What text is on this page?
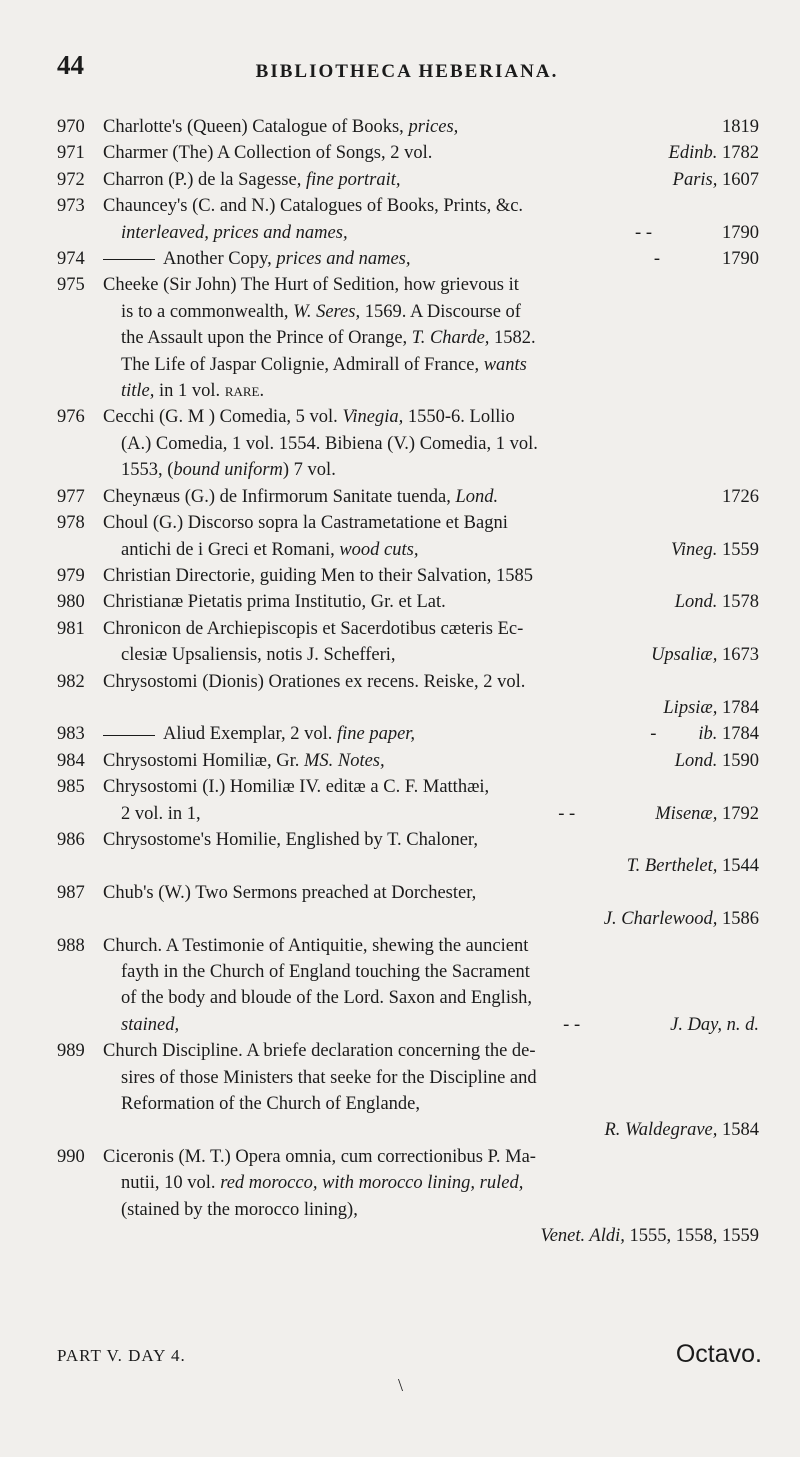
44	BIBLIOTHECA HEBERIANA.
970 Charlotte's (Queen) Catalogue of Books, prices,	1819
971 Charmer (The) A Collection of Songs, 2 vol.	Edinb. 1782
972 Charron (P.) de la Sagesse, fine portrait,	Paris, 1607
973 Chauncey's (C. and N.) Catalogues of Books, Prints, &c.
interleaved, prices and names,	- -	1790
974	Another Copy, prices and names,	-	1790
975 Cheeke (Sir John) The Hurt of Sedition, how grievous it
is to a commonwealth, W. Seres, 1569. A Discourse of
the Assault upon the Prince of Orange, T. Charde, 1582.
The Life of Jaspar Colignie, Admirall of France, wants
title, in 1 vol. rare.
976 Cecchi (G. M ) Comedia, 5 vol. Vinegia, 1550-6. Lollio
(A.) Comedia, 1 vol. 1554. Bibiena (V.) Comedia, 1 vol.
1553, (bound uniform) 7 vol.
977 Cheynæus (G.) de Infirmorum Sanitate tuenda, Lond.	1726
978 Choul (G.) Discorso sopra la Castrametatione et Bagni
antichi de i Greci et Romani, wood cuts,	Vineg. 1559
979 Christian Directorie, guiding Men to their Salvation, 1585
980 Christianæ Pietatis prima Institutio, Gr. et Lat.	Lond. 1578
981 Chronicon de Archiepiscopis et Sacerdotibus cæteris Ec-
clesiæ Upsaliensis, notis J. Schefferi,	Upsaliæ, 1673
982 Chrysostomi (Dionis) Orationes ex recens. Reiske, 2 vol.
Lipsiæ, 1784
983	Aliud Exemplar, 2 vol. fine paper,	- ib. 1784
984 Chrysostomi Homiliæ, Gr. MS. Notes,	Lond. 1590
985 Chrysostomi (I.) Homiliæ IV. editæ a C. F. Matthæi,
2 vol. in 1,	- -	Misenæ, 1792
986 Chrysostome's Homilie, Englished by T. Chaloner,
T. Berthelet, 1544
987 Chub's (W.) Two Sermons preached at Dorchester,
J. Charlewood, 1586
988 Church. A Testimonie of Antiquitie, shewing the auncient
fayth in the Church of England touching the Sacrament
of the body and bloude of the Lord. Saxon and English,
stained,	- -	J. Day, n. d.
989 Church Discipline. A briefe declaration concerning the de-
sires of those Ministers that seeke for the Discipline and
Reformation of the Church of Englande,
R. Waldegrave, 1584
990 Ciceronis (M. T.) Opera omnia, cum correctionibus P. Ma-
nutii, 10 vol. red morocco, with morocco lining, ruled,
(stained by the morocco lining),
Venet. Aldi, 1555, 1558, 1559
PART V. DAY 4.	Octavo.
\
